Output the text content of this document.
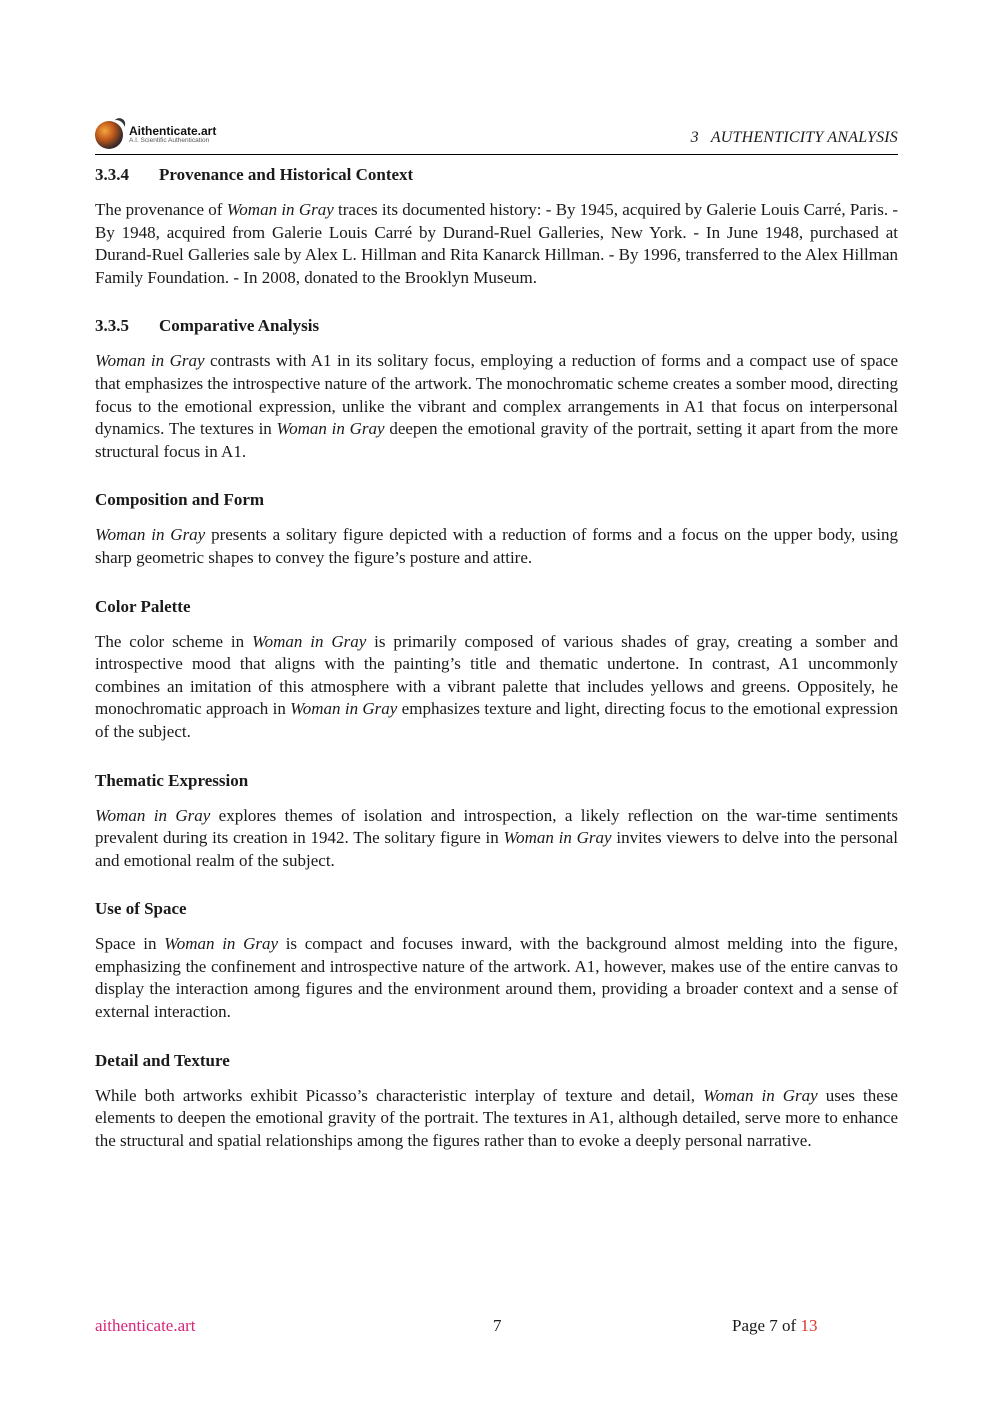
Aithenticate.art
A.I. Scientific Authentication	3 AUTHENTICITY ANALYSIS
3.3.4 Provenance and Historical Context

The provenance of Woman in Gray traces its documented history: - By 1945, acquired by Galerie Louis Carré, Paris. - By 1948, acquired from Galerie Louis Carré by Durand-Ruel Galleries, New York. - In June 1948, purchased at Durand-Ruel Galleries sale by Alex L. Hillman and Rita Kanarck Hillman. - By 1996, transferred to the Alex Hillman Family Foundation. - In 2008, donated to the Brooklyn Museum.

3.3.5 Comparative Analysis

Woman in Gray contrasts with A1 in its solitary focus, employing a reduction of forms and a compact use of space that emphasizes the introspective nature of the artwork. The monochromatic scheme creates a somber mood, directing focus to the emotional expression, unlike the vibrant and complex arrangements in A1 that focus on interpersonal dynamics. The textures in Woman in Gray deepen the emotional gravity of the portrait, setting it apart from the more structural focus in A1.

Composition and Form

Woman in Gray presents a solitary figure depicted with a reduction of forms and a focus on the upper body, using sharp geometric shapes to convey the figure’s posture and attire.

Color Palette

The color scheme in Woman in Gray is primarily composed of various shades of gray, creating a somber and introspective mood that aligns with the painting’s title and thematic undertone. In contrast, A1 uncommonly combines an imitation of this atmosphere with a vibrant palette that includes yellows and greens. Oppositely, he monochromatic approach in Woman in Gray emphasizes texture and light, directing focus to the emotional expression of the subject.

Thematic Expression

Woman in Gray explores themes of isolation and introspection, a likely reflection on the war-time sentiments prevalent during its creation in 1942. The solitary figure in Woman in Gray invites viewers to delve into the personal and emotional realm of the subject.

Use of Space

Space in Woman in Gray is compact and focuses inward, with the background almost melding into the figure, emphasizing the confinement and introspective nature of the artwork. A1, however, makes use of the entire canvas to display the interaction among figures and the environment around them, providing a broader context and a sense of external interaction.

Detail and Texture

While both artworks exhibit Picasso’s characteristic interplay of texture and detail, Woman in Gray uses these elements to deepen the emotional gravity of the portrait. The textures in A1, although detailed, serve more to enhance the structural and spatial relationships among the figures rather than to evoke a deeply personal narrative.

aithenticate.art	7	Page 7 of 13
